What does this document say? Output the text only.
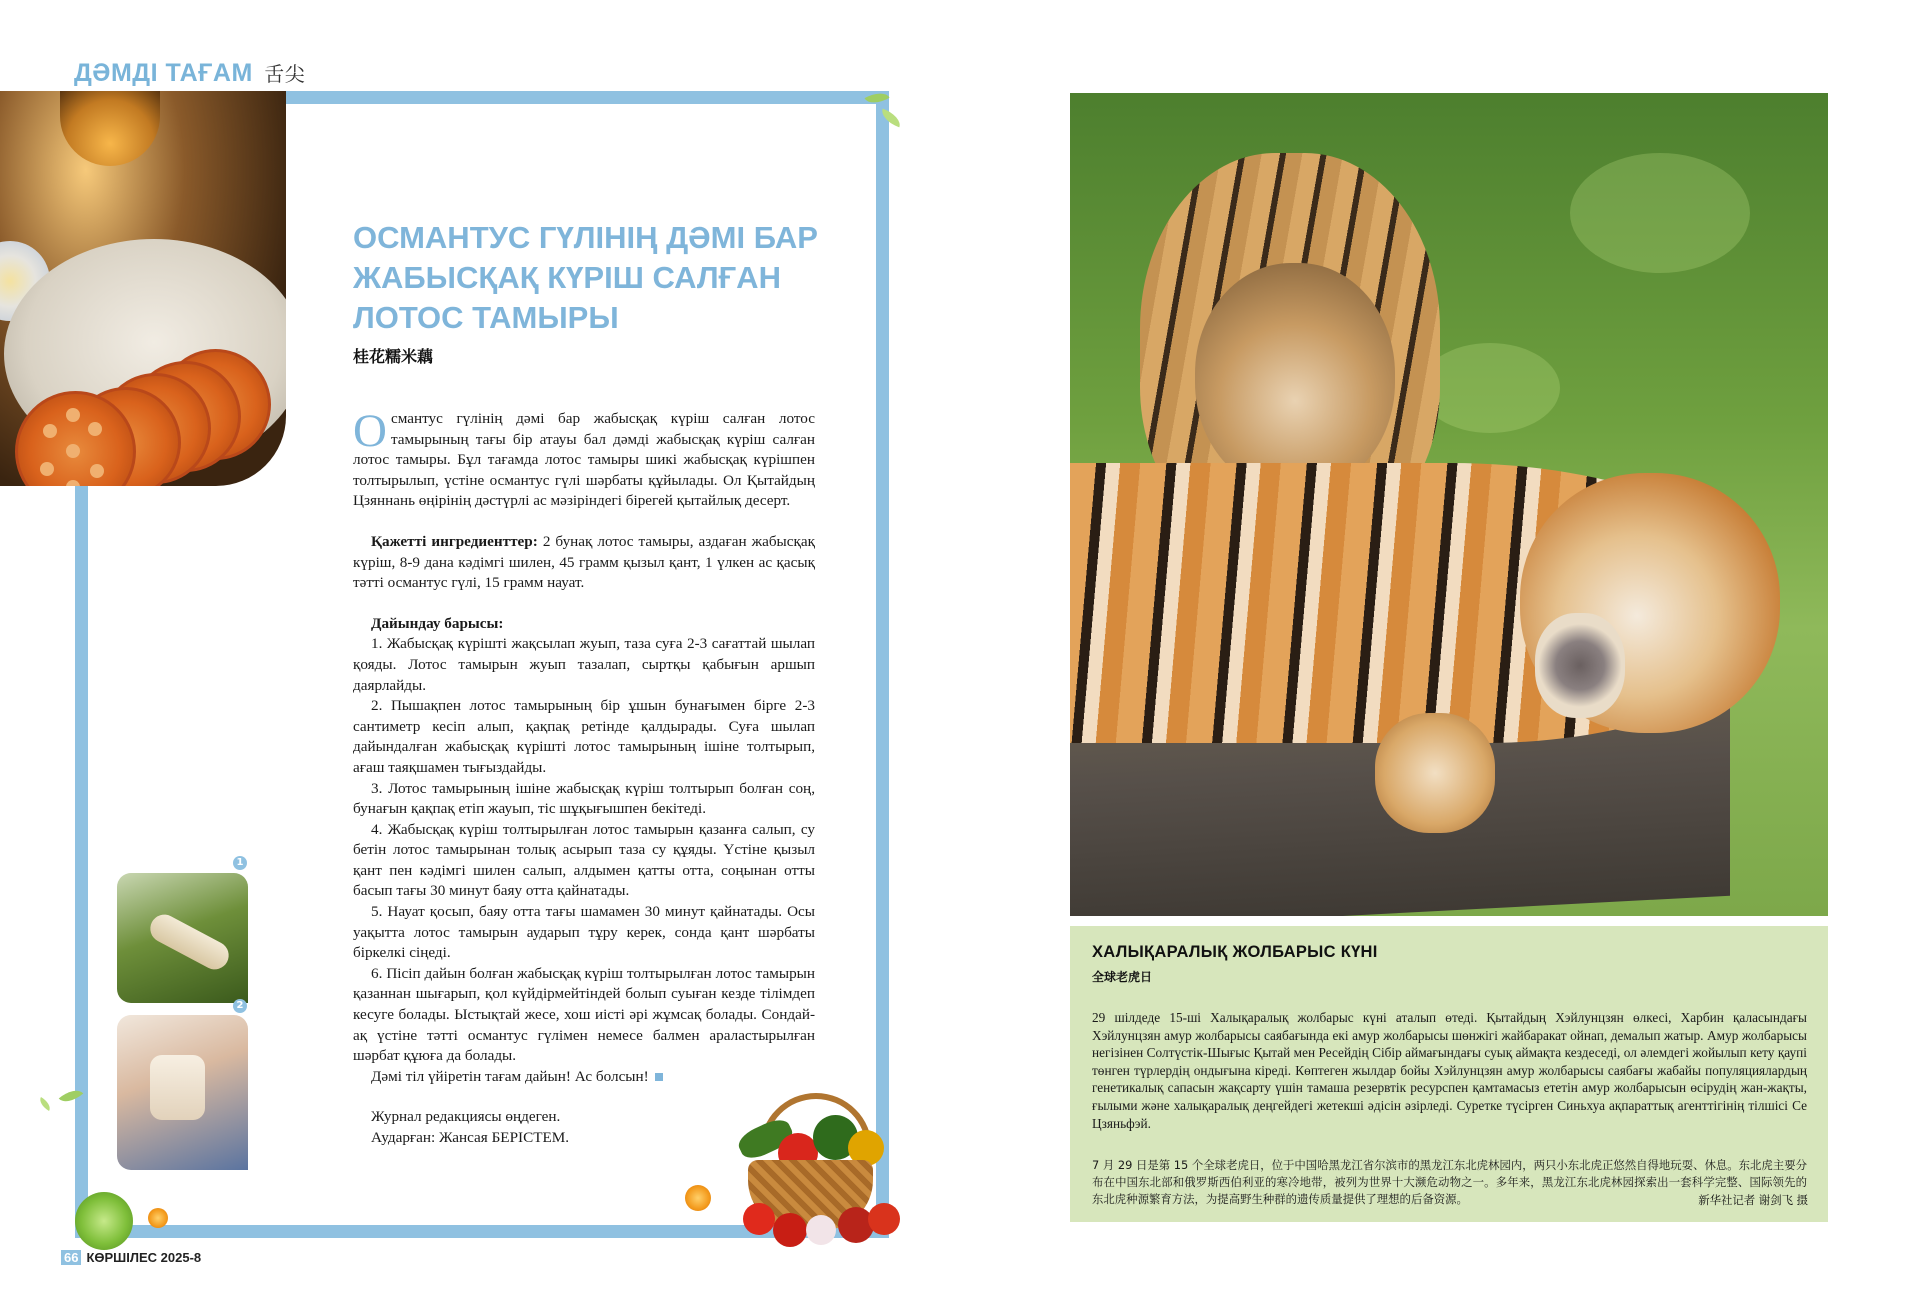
ДӘМДІ ТАҒАМ 舌尖
ОСМАНТУС ГҮЛІНІҢ ДӘМІ БАР ЖАБЫСҚАҚ КҮРІШ САЛҒАН ЛОТОС ТАМЫРЫ
桂花糯米藕

Османтус гүлінің дәмі бар жабысқақ күріш салған лотос тамырының тағы бір атауы бал дәмді жабысқақ күріш салған лотос тамыры. Бұл тағамда лотос тамыры шикі жабысқақ күрішпен толтырылып, үстіне османтус гүлі шәрбаты құйылады. Ол Қытайдың Цзяннань өңірінің дәстүрлі ас мәзіріндегі бірегей қытайлық десерт.

Қажетті ингредиенттер: 2 бунақ лотос тамыры, аздаған жабысқақ күріш, 8-9 дана кәдімгі шилен, 45 грамм қызыл қант, 1 үлкен ас қасық тәтті османтус гүлі, 15 грамм науат.

Дайындау барысы:

1. Жабысқақ күрішті жақсылап жуып, таза суға 2-3 сағаттай шылап қояды. Лотос тамырын жуып тазалап, сыртқы қабығын аршып даярлайды.

2. Пышақпен лотос тамырының бір ұшын бунағымен бірге 2-3 сантиметр кесіп алып, қақпақ ретінде қалдырады. Суға шылап дайындалған жабысқақ күрішті лотос тамырының ішіне толтырып, ағаш таяқшамен тығыздайды.

3. Лотос тамырының ішіне жабысқақ күріш толтырып болған соң, бунағын қақпақ етіп жауып, тіс шұқығышпен бекітеді.

4. Жабысқақ күріш толтырылған лотос тамырын қазанға салып, су бетін лотос тамырынан толық асырып таза су құяды. Үстіне қызыл қант пен кәдімгі шилен салып, алдымен қатты отта, соңынан отты басып тағы 30 минут баяу отта қайнатады.

5. Науат қосып, баяу отта тағы шамамен 30 минут қайнатады. Осы уақытта лотос тамырын аударып тұру керек, сонда қант шәрбаты біркелкі сіңеді.

6. Пісіп дайын болған жабысқақ күріш толтырылған лотос тамырын қазаннан шығарып, қол күйдірмейтіндей болып суыған кезде тілімдеп кесуге болады. Ыстықтай жесе, хош иісті әрі жұмсақ болады. Сондай-ақ үстіне тәтті османтус гүлімен немесе балмен араластырылған шәрбат құюға да болады.

Дәмі тіл үйіретін тағам дайын! Ас болсын!

Журнал редакциясы өңдеген.

Аударған: Жансая БЕРІСТЕМ.

1
2
66 КӨРШІЛЕС 2025-8
ХАЛЫҚАРАЛЫҚ ЖОЛБАРЫС КҮНІ
全球老虎日
29 шілдеде 15-ші Халықаралық жолбарыс күні аталып өтеді. Қытайдың Хэйлунцзян өлкесі, Харбин қаласындағы Хэйлунцзян амур жолбарысы саябағында екі амур жолбарысы шөнжігі жайбаракат ойнап, демалып жатыр. Амур жолбарысы негізінен Солтүстік-Шығыс Қытай мен Ресейдің Сібір аймағындағы суық аймақта кездеседі, ол әлемдегі жойылып кету қаупі төнген түрлердің ондығына кіреді. Көптеген жылдар бойы Хэйлунцзян амур жолбарысы саябағы жабайы популяциялардың генетикалық сапасын жақсарту үшін тамаша резервтік ресурспен қамтамасыз ететін амур жолбарысын өсірудің жан-жақты, ғылыми және халықаралық деңгейдегі жетекші әдісін әзірледі. Суретке түсірген Синьхуа ақпараттық агенттігінің тілшісі Се Цзяньфэй.
7 月 29 日是第 15 个全球老虎日，位于中国哈黑龙江省尔滨市的黑龙江东北虎林园内，两只小东北虎正悠然自得地玩耍、休息。东北虎主要分布在中国东北部和俄罗斯西伯利亚的寒冷地带，被列为世界十大濒危动物之一。多年来，黑龙江东北虎林园探索出一套科学完整、国际领先的东北虎种源繁育方法，为提高野生种群的遗传质量提供了理想的后备资源。	新华社记者 谢剑飞 摄
